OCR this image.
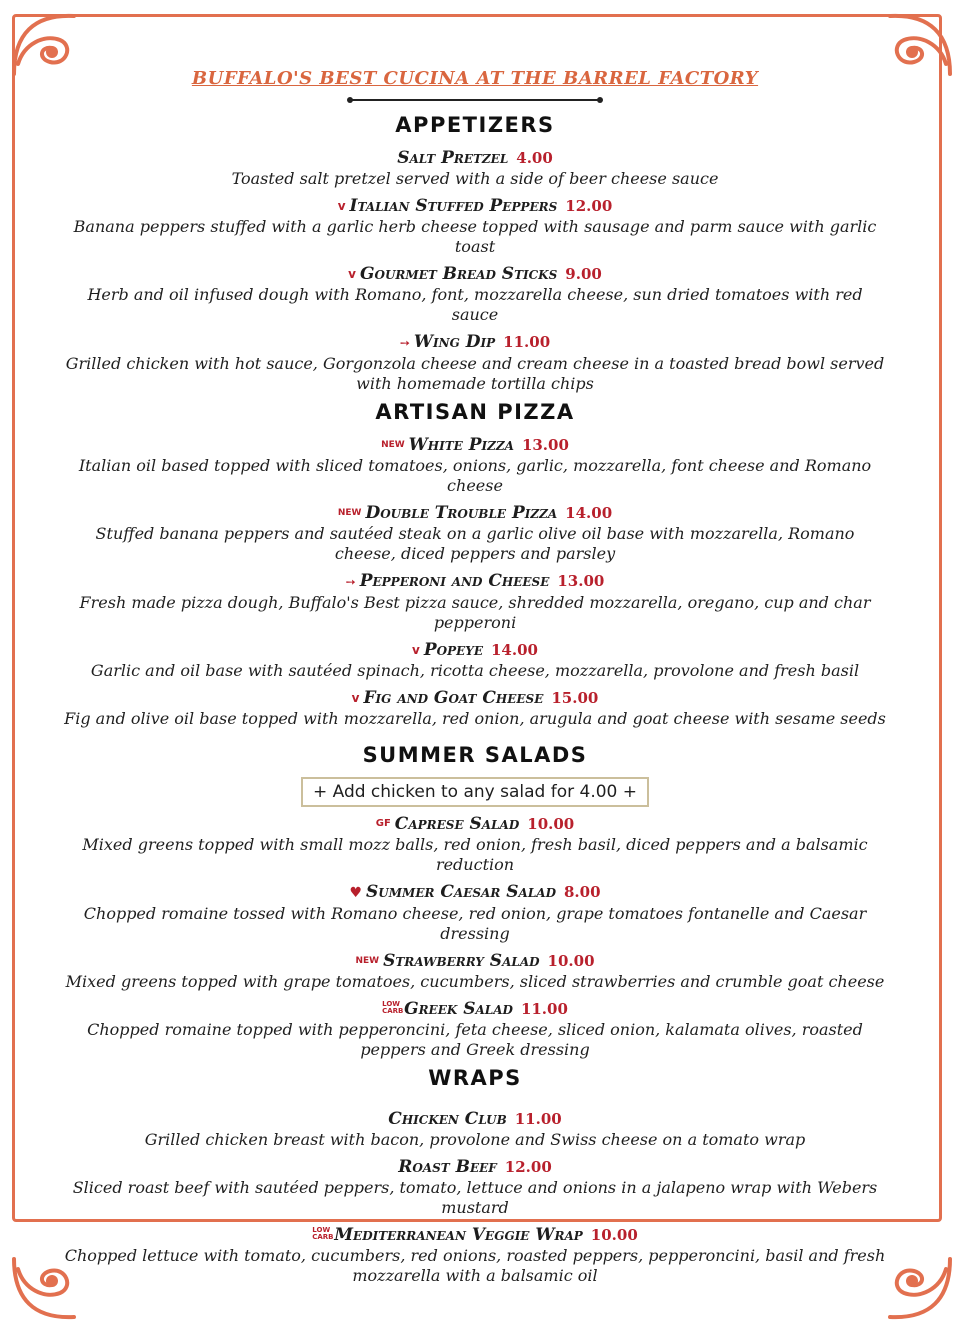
BUFFALO'S BEST CUCINA AT THE BARREL FACTORY
APPETIZERS
Salt Pretzel 4.00
Toasted salt pretzel served with a side of beer cheese sauce
v Italian Stuffed Peppers 12.00
Banana peppers stuffed with a garlic herb cheese topped with sausage and parm sauce with garlic toast
v Gourmet Bread Sticks 9.00
Herb and oil infused dough with Romano, font, mozzarella cheese, sun dried tomatoes with red sauce
➙ Wing Dip 11.00
Grilled chicken with hot sauce, Gorgonzola cheese and cream cheese in a toasted bread bowl served with homemade tortilla chips
ARTISAN PIZZA
NEW White Pizza 13.00
Italian oil based topped with sliced tomatoes, onions, garlic, mozzarella, font cheese and Romano cheese
NEW Double Trouble Pizza 14.00
Stuffed banana peppers and sautéed steak on a garlic olive oil base with mozzarella, Romano cheese, diced peppers and parsley
➙ Pepperoni and Cheese 13.00
Fresh made pizza dough, Buffalo's Best pizza sauce, shredded mozzarella, oregano, cup and char pepperoni
v Popeye 14.00
Garlic and oil base with sautéed spinach, ricotta cheese, mozzarella, provolone and fresh basil
v Fig and Goat Cheese 15.00
Fig and olive oil base topped with mozzarella, red onion, arugula and goat cheese with sesame seeds
SUMMER SALADS
+ Add chicken to any salad for 4.00 +
GF Caprese Salad 10.00
Mixed greens topped with small mozz balls, red onion, fresh basil, diced peppers and a balsamic reduction
♥ Summer Caesar Salad 8.00
Chopped romaine tossed with Romano cheese, red onion, grape tomatoes fontanelle and Caesar dressing
NEW Strawberry Salad 10.00
Mixed greens topped with grape tomatoes, cucumbers, sliced strawberries and crumble goat cheese
LOW CARBGreek Salad 11.00
Chopped romaine topped with pepperoncini, feta cheese, sliced onion, kalamata olives, roasted peppers and Greek dressing
WRAPS
Chicken Club 11.00
Grilled chicken breast with bacon, provolone and Swiss cheese on a tomato wrap
Roast Beef 12.00
Sliced roast beef with sautéed peppers, tomato, lettuce and onions in a jalapeno wrap with Webers mustard
LOW CARBMediterranean Veggie Wrap 10.00
Chopped lettuce with tomato, cucumbers, red onions, roasted peppers, pepperoncini, basil and fresh mozzarella with a balsamic oil
